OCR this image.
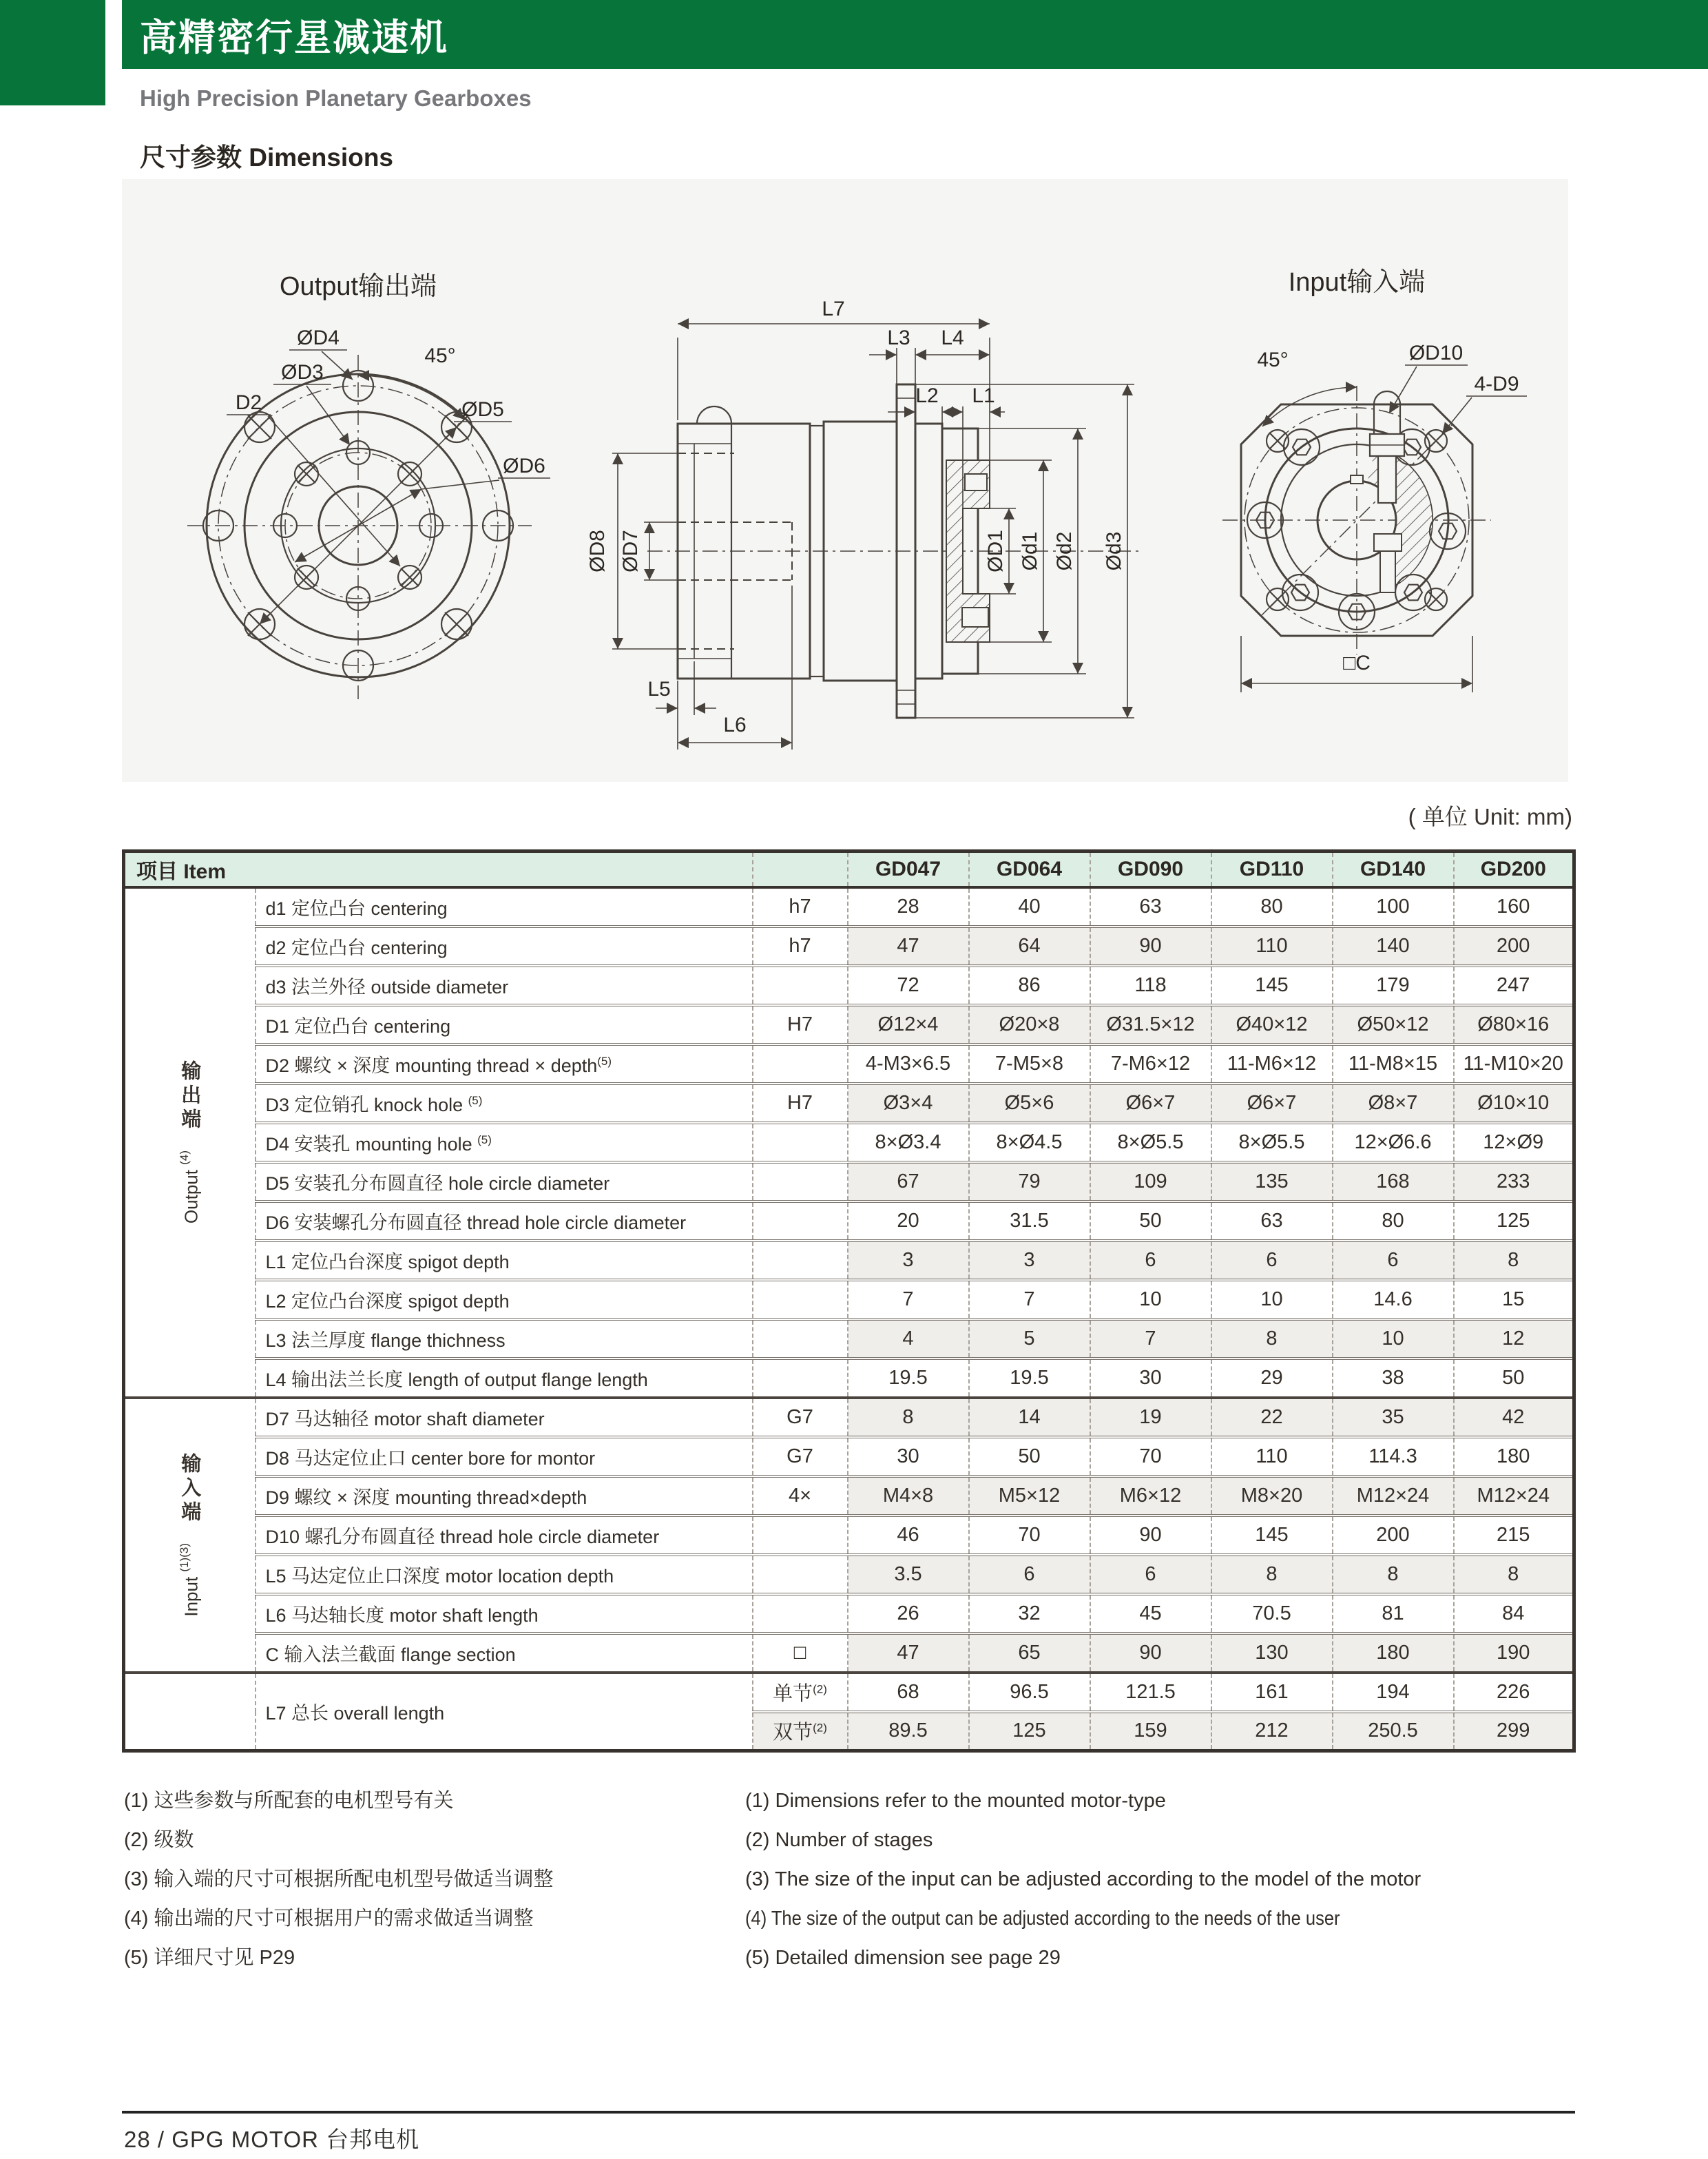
高精密行星减速机
High Precision Planetary Gearboxes
尺寸参数 Dimensions
Output输出端
ØD4
45°
ØD3
D2	ØD5
ØD6
L7
L3 L4
L2 L1
ØD1 Ød1 Ød2 Ød3
ØD8 ØD7
L5
L6
Input输入端
45°	ØD10
4-D9
□C
( 单位 Unit: mm)
项目 Item			GD047	GD064	GD090	GD110	GD140	GD200

输出端
Output $^{(4)}$	d1 定位凸台 centering	h7	28	40	63	80	100	160
	d2 定位凸台 centering	h7	47	64	90	110	140	200
	d3 法兰外径 outside diameter		72	86	118	145	179	247
	D1 定位凸台 centering	H7	Ø12×4	Ø20×8	Ø31.5×12	Ø40×12	Ø50×12	Ø80×16
	D2 螺纹 × 深度 mounting thread × depth$^{(5)}$		4-M3×6.5	7-M5×8	7-M6×12	11-M6×12	11-M8×15	11-M10×20
	D3 定位销孔 knock hole $^{(5)}$	H7	Ø3×4	Ø5×6	Ø6×7	Ø6×7	Ø8×7	Ø10×10
	D4 安装孔 mounting hole $^{(5)}$		8×Ø3.4	8×Ø4.5	8×Ø5.5	8×Ø5.5	12×Ø6.6	12×Ø9
	D5 安装孔分布圆直径 hole circle diameter		67	79	109	135	168	233
	D6 安装螺孔分布圆直径 thread hole circle diameter		20	31.5	50	63	80	125
	L1 定位凸台深度 spigot depth		3	3	6	6	6	8
	L2 定位凸台深度 spigot depth		7	7	10	10	14.6	15
	L3 法兰厚度 flange thichness		4	5	7	8	10	12
	L4 输出法兰长度 length of output flange length		19.5	19.5	30	29	38	50

输入端
Input $^{(1)(3)}$	D7 马达轴径 motor shaft diameter	G7	8	14	19	22	35	42
	D8 马达定位止口 center bore for montor	G7	30	50	70	110	114.3	180
	D9 螺纹 × 深度 mounting thread×depth	4×	M4×8	M5×12	M6×12	M8×20	M12×24	M12×24
	D10 螺孔分布圆直径 thread hole circle diameter		46	70	90	145	200	215
	L5 马达定位止口深度 motor location depth		3.5	6	6	8	8	8
	L6 马达轴长度 motor shaft length		26	32	45	70.5	81	84
	C 输入法兰截面 flange section	□	47	65	90	130	180	190
	L7 总长 overall length	单节$^{(2)}$	68	96.5	121.5	161	194	226
		双节$^{(2)}$	89.5	125	159	212	250.5	299
(1) 这些参数与所配套的电机型号有关
(2) 级数
(3) 输入端的尺寸可根据所配电机型号做适当调整
(4) 输出端的尺寸可根据用户的需求做适当调整
(5) 详细尺寸见 P29
(1) Dimensions refer to the mounted motor-type
(2) Number of stages
(3) The size of the input can be adjusted according to the model of the motor
(4) The size of the output can be adjusted according to the needs of the user
(5) Detailed dimension see page 29
28 / GPG MOTOR 台邦电机
